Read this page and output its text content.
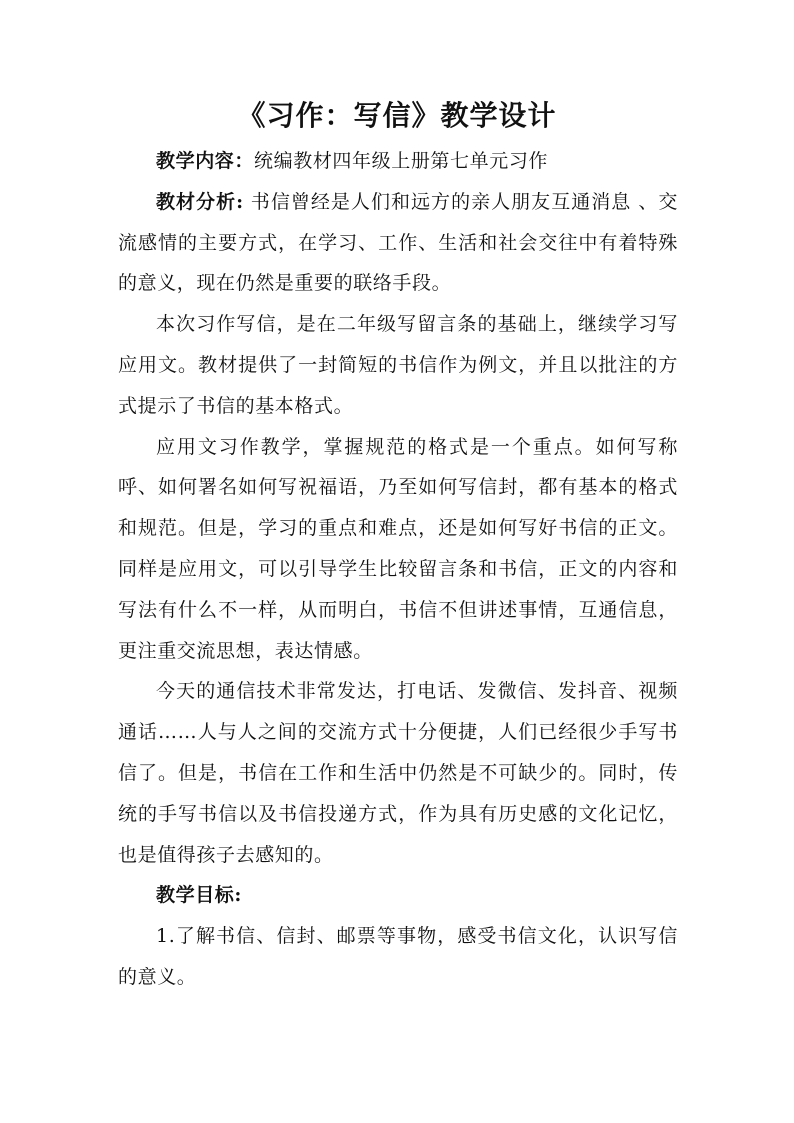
《习作：写信》教学设计

教学内容：统编教材四年级上册第七单元习作

教材分析: 书信曾经是人们和远方的亲人朋友互通消息 、交流感情的主要方式，在学习、工作、生活和社会交往中有着特殊的意义，现在仍然是重要的联络手段。

本次习作写信，是在二年级写留言条的基础上，继续学习写应用文。教材提供了一封简短的书信作为例文，并且以批注的方式提示了书信的基本格式。

应用文习作教学，掌握规范的格式是一个重点。如何写称呼、如何署名如何写祝福语，乃至如何写信封，都有基本的格式和规范。但是，学习的重点和难点，还是如何写好书信的正文。同样是应用文，可以引导学生比较留言条和书信，正文的内容和写法有什么不一样，从而明白，书信不但讲述事情，互通信息，更注重交流思想，表达情感。

今天的通信技术非常发达，打电话、发微信、发抖音、视频通话……人与人之间的交流方式十分便捷，人们已经很少手写书信了。但是，书信在工作和生活中仍然是不可缺少的。同时，传统的手写书信以及书信投递方式，作为具有历史感的文化记忆，也是值得孩子去感知的。

教学目标:

1.了解书信、信封、邮票等事物，感受书信文化，认识写信的意义。
